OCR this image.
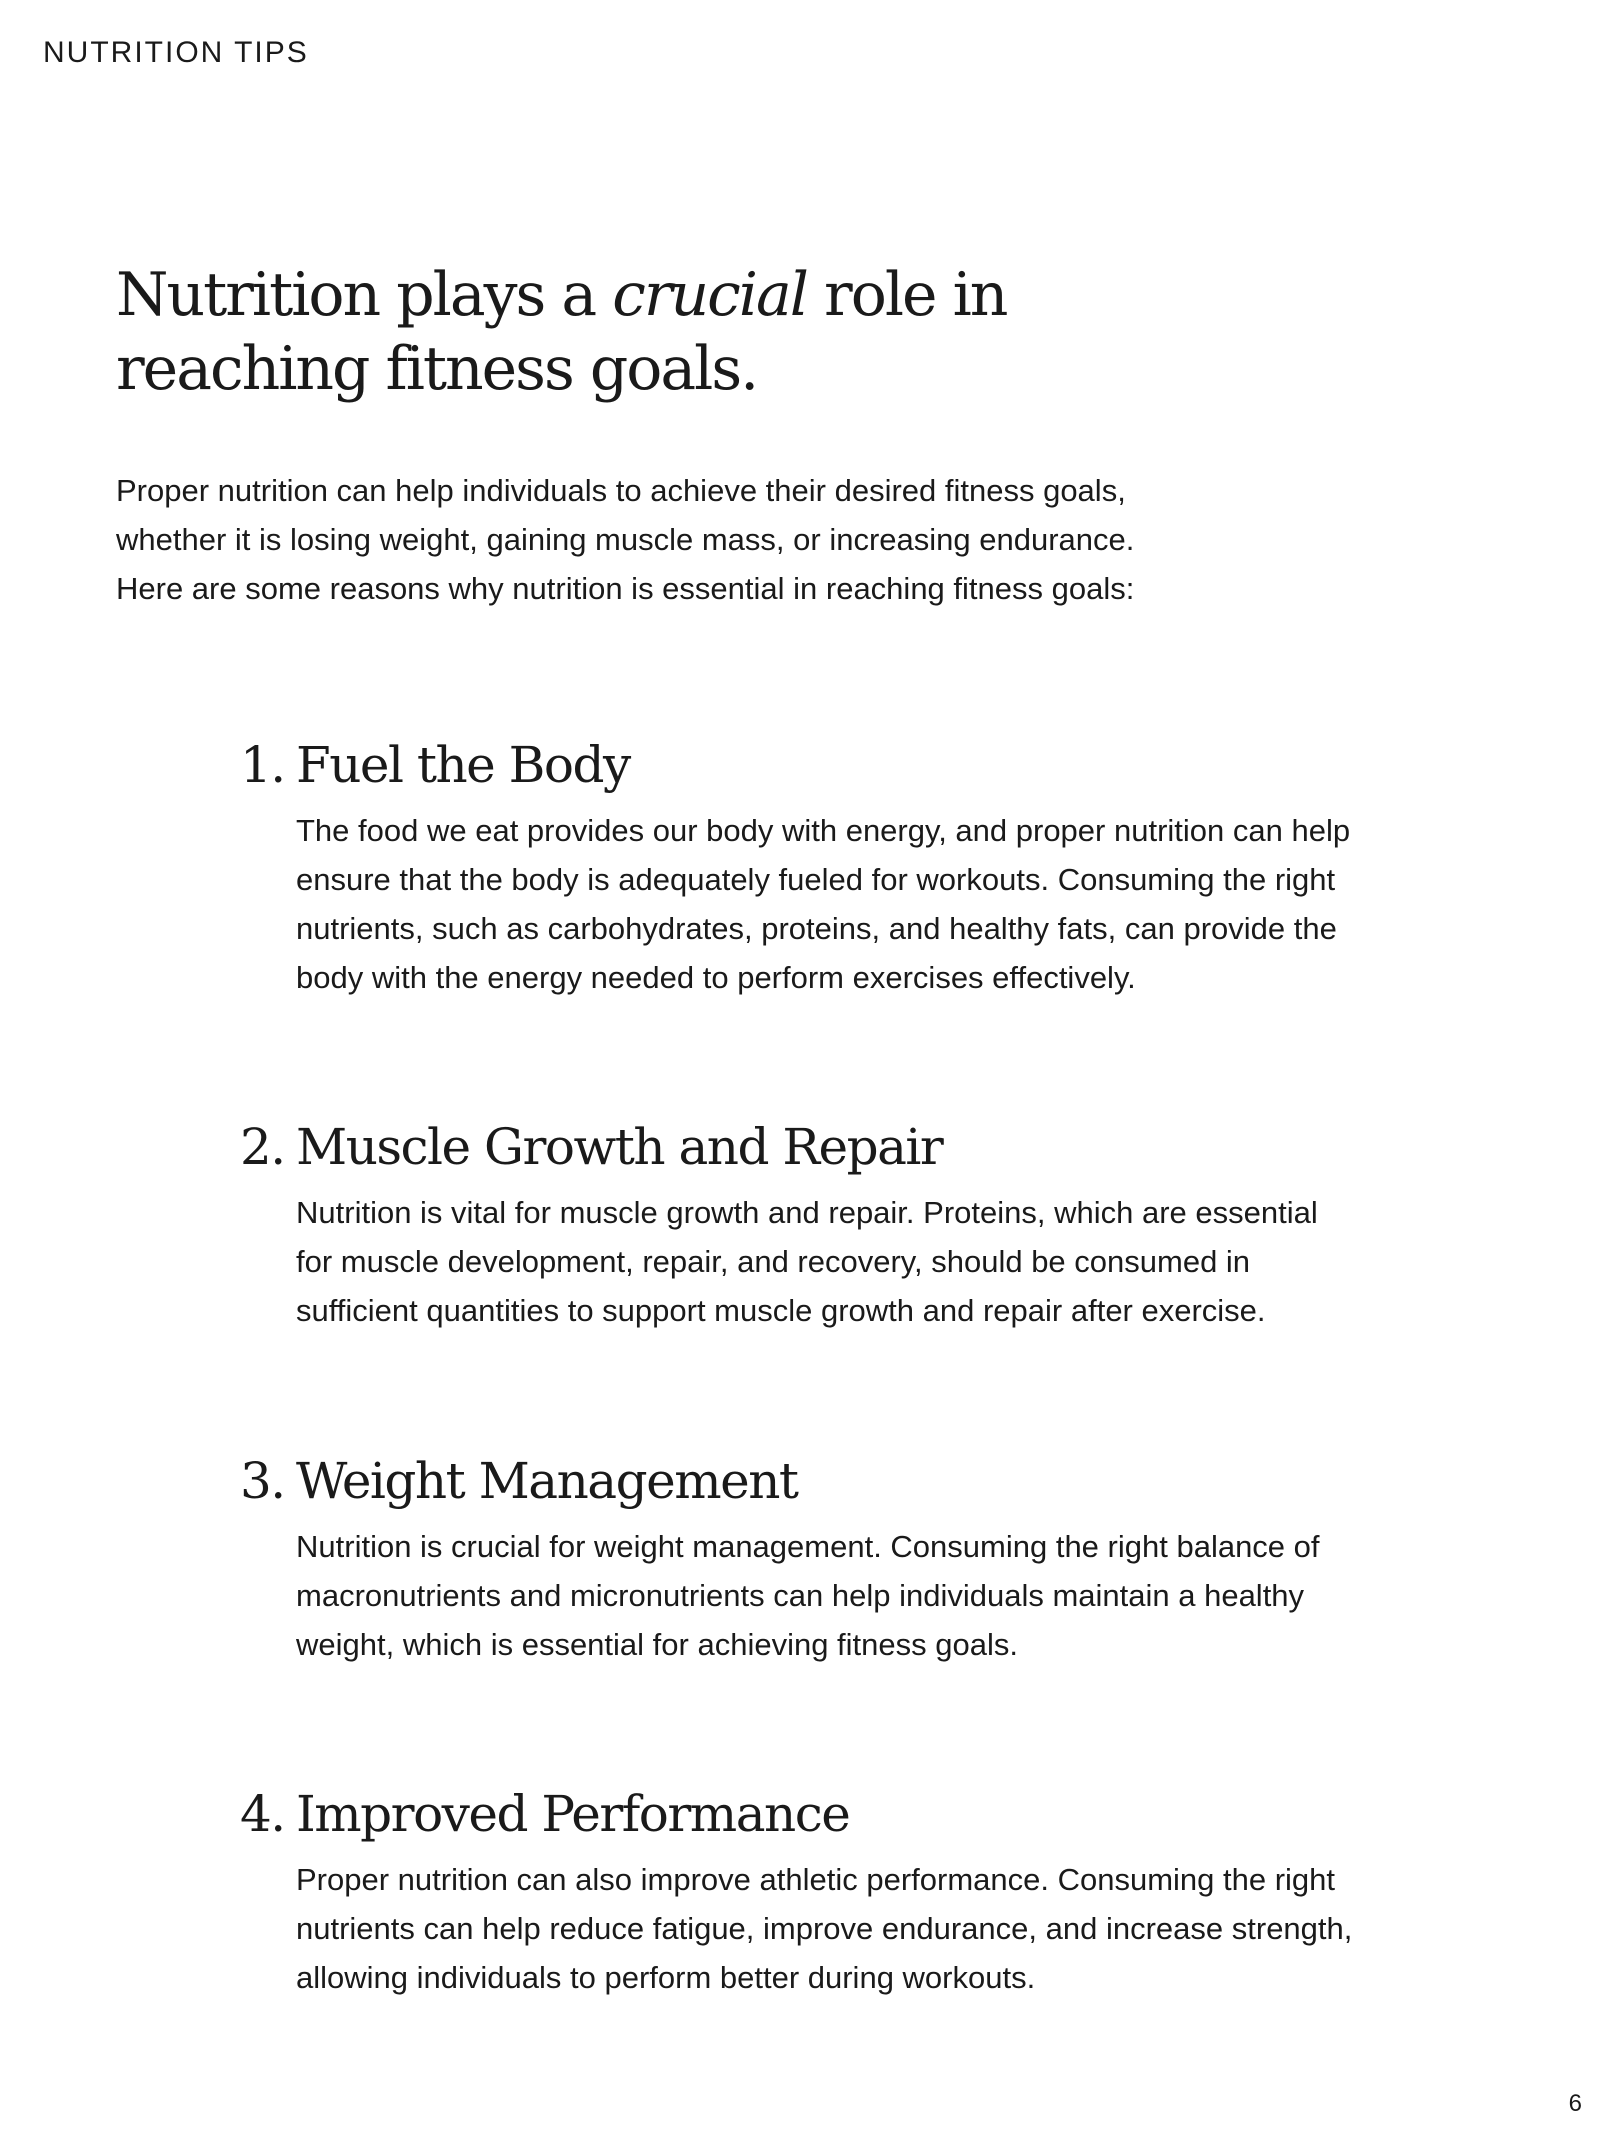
NUTRITION TIPS

Nutrition plays a crucial role in reaching fitness goals.

Proper nutrition can help individuals to achieve their desired fitness goals, whether it is losing weight, gaining muscle mass, or increasing endurance. Here are some reasons why nutrition is essential in reaching fitness goals:

1. Fuel the Body

The food we eat provides our body with energy, and proper nutrition can help ensure that the body is adequately fueled for workouts. Consuming the right nutrients, such as carbohydrates, proteins, and healthy fats, can provide the body with the energy needed to perform exercises effectively.

2. Muscle Growth and Repair

Nutrition is vital for muscle growth and repair. Proteins, which are essential for muscle development, repair, and recovery, should be consumed in sufficient quantities to support muscle growth and repair after exercise.

3. Weight Management

Nutrition is crucial for weight management. Consuming the right balance of macronutrients and micronutrients can help individuals maintain a healthy weight, which is essential for achieving fitness goals.

4. Improved Performance

Proper nutrition can also improve athletic performance. Consuming the right nutrients can help reduce fatigue, improve endurance, and increase strength, allowing individuals to perform better during workouts.

6
